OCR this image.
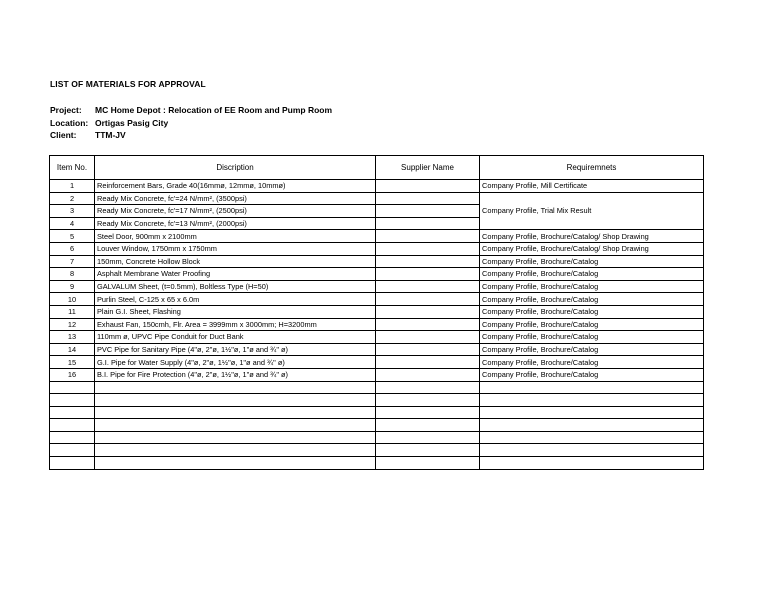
LIST OF MATERIALS FOR APPROVAL
Project: MC Home Depot : Relocation of EE Room and Pump Room
Location: Ortigas Pasig City
Client: TTM-JV
Item No.	Discription	Supplier Name	Requiremnets
1	Reinforcement Bars, Grade 40(16mmø, 12mmø, 10mmø)		Company Profile, Mill Certificate
2	Ready Mix Concrete, fc'=24 N/mm², (3500psi)		Company Profile, Trial Mix Result
3	Ready Mix Concrete, fc'=17 N/mm², (2500psi)		
4	Ready Mix Concrete, fc'=13 N/mm², (2000psi)		
5	Steel Door, 900mm x 2100mm		Company Profile, Brochure/Catalog/ Shop Drawing
6	Louver Window, 1750mm x 1750mm		Company Profile, Brochure/Catalog/ Shop Drawing
7	150mm, Concrete Hollow Block		Company Profile, Brochure/Catalog
8	Asphalt Membrane Water Proofing		Company Profile, Brochure/Catalog
9	GALVALUM Sheet, (t=0.5mm), Boltless Type (H=50)		Company Profile, Brochure/Catalog
10	Purlin Steel, C-125 x 65 x 6.0m		Company Profile, Brochure/Catalog
11	Plain G.I. Sheet, Flashing		Company Profile, Brochure/Catalog
12	Exhaust Fan, 150cmh, Flr. Area = 3999mm x 3000mm; H=3200mm		Company Profile, Brochure/Catalog
13	110mm ø, UPVC Pipe Conduit for Duct Bank		Company Profile, Brochure/Catalog
14	PVC Pipe for Sanitary Pipe (4"ø, 2"ø, 1½"ø, 1"ø and ¾" ø)		Company Profile, Brochure/Catalog
15	G.I. Pipe for Water Supply (4"ø, 2"ø, 1½"ø, 1"ø and ¾" ø)		Company Profile, Brochure/Catalog
16	B.I. Pipe for Fire Protection (4"ø, 2"ø, 1½"ø, 1"ø and ¾" ø)		Company Profile, Brochure/Catalog
